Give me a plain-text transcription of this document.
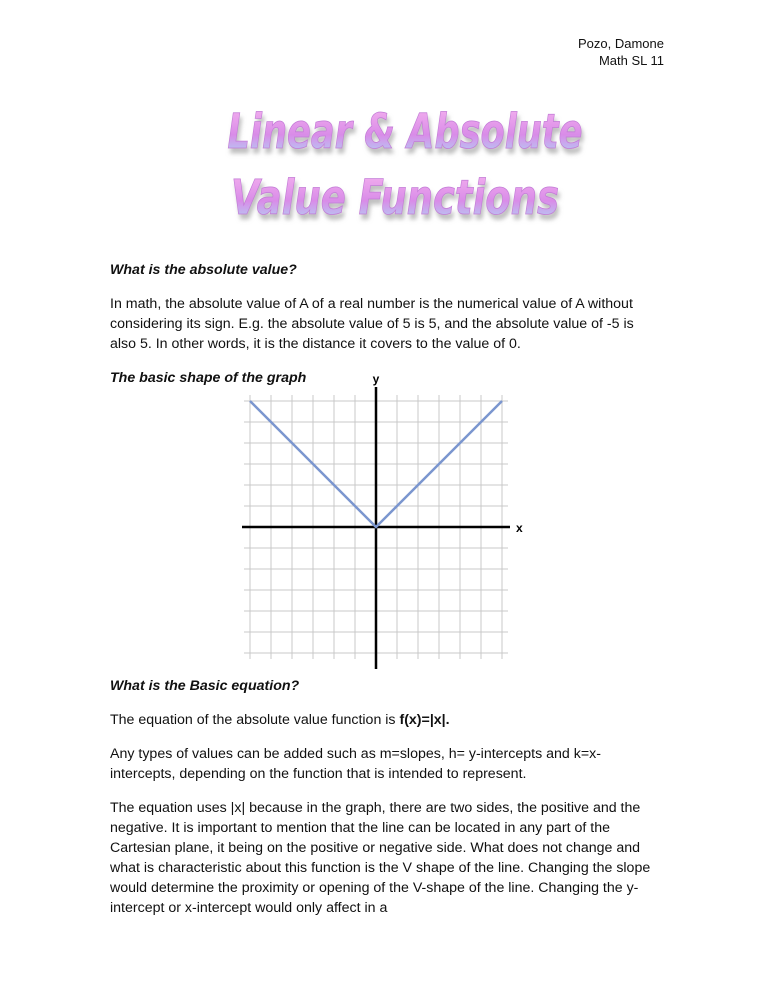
Pozo, Damone
Math SL 11
Linear & Absolute
Value Functions

What is the absolute value?

In math, the absolute value of A of a real number is the numerical value of A without considering its sign. E.g. the absolute value of 5 is 5, and the absolute value of -5 is also 5. In other words, it is the distance it covers to the value of 0.

The basic shape of the graph	y
x

What is the Basic equation?

The equation of the absolute value function is f(x)=|x|.

Any types of values can be added such as m=slopes, h= y-intercepts and k=x-intercepts, depending on the function that is intended to represent.

The equation uses |x| because in the graph, there are two sides, the positive and the negative. It is important to mention that the line can be located in any part of the Cartesian plane, it being on the positive or negative side. What does not change and what is characteristic about this function is the V shape of the line. Changing the slope would determine the proximity or opening of the V-shape of the line. Changing the y-intercept or x-intercept would only affect in a
